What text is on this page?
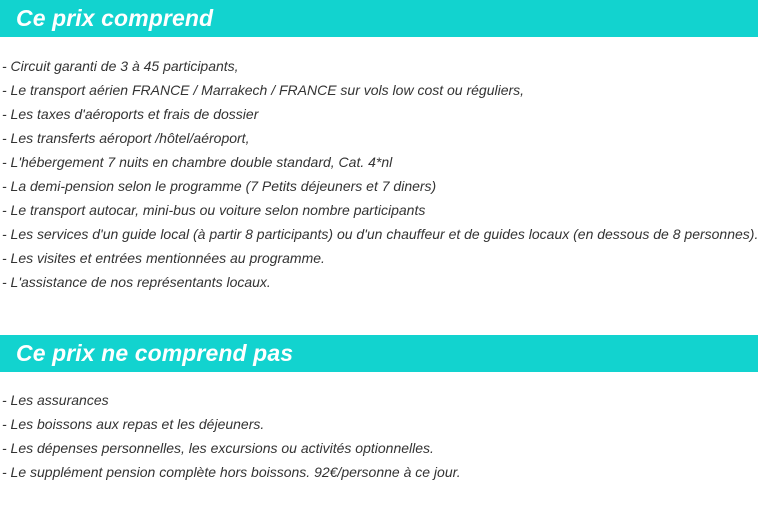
Ce prix comprend
- Circuit garanti de 3 à 45 participants,
- Le transport aérien FRANCE / Marrakech / FRANCE sur vols low cost ou réguliers,
- Les taxes d'aéroports et frais de dossier
- Les transferts aéroport /hôtel/aéroport,
- L'hébergement 7 nuits en chambre double standard, Cat. 4*nl
- La demi-pension selon le programme (7 Petits déjeuners et 7 diners)
- Le transport autocar, mini-bus ou voiture selon nombre participants
- Les services d'un guide local (à partir 8 participants) ou d'un chauffeur et de guides locaux (en dessous de 8 personnes).
- Les visites et entrées mentionnées au programme.
- L'assistance de nos représentants locaux.
Ce prix ne comprend pas
- Les assurances
- Les boissons aux repas et les déjeuners.
- Les dépenses personnelles, les excursions ou activités optionnelles.
- Le supplément pension complète hors boissons. 92€/personne à ce jour.
